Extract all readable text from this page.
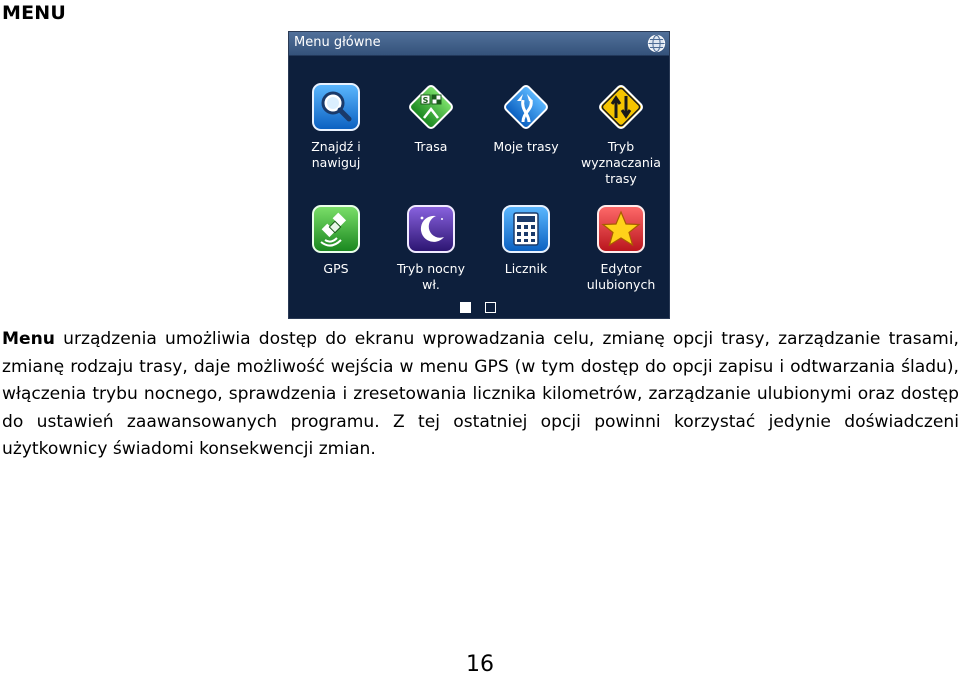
MENU
Menu główne
Znajdź i
nawiguj
S
Trasa	Moje trasy	Tryb
wyznaczania
trasy
GPS	Tryb nocny
wł.
Licznik	Edytor
ulubionych

Menu urządzenia umożliwia dostęp do ekranu wprowadzania celu, zmianę opcji trasy, zarządzanie trasami, zmianę rodzaju trasy, daje możliwość wejścia w menu GPS (w tym dostęp do opcji zapisu i odtwarzania śladu), włączenia trybu nocnego, sprawdzenia i zresetowania licznika kilometrów, zarządzanie ulubionymi oraz dostęp do ustawień zaawansowanych programu. Z tej ostatniej opcji powinni korzystać jedynie doświadczeni użytkownicy świadomi konsekwencji zmian.

16
